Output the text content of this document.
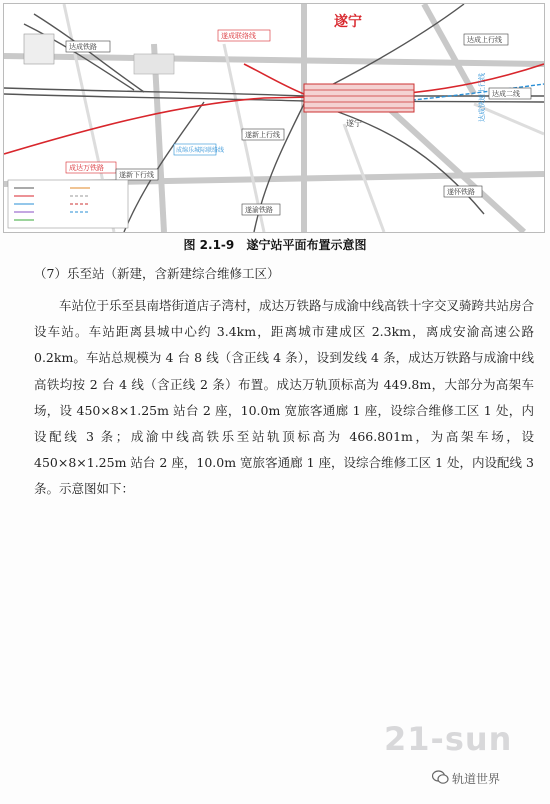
遂宁
达成铁路
遂成联络线	达成上行线
达成二线
达成快速上行线
成达万铁路
遂新下行线
遂新上行线
遂渝铁路
遂怀铁路
成绵乐城际联络线
遂宁
图 2.1-9 遂宁站平面布置示意图
（7）乐至站（新建，含新建综合维修工区）

车站位于乐至县南塔街道店子湾村，成达万铁路与成渝中线高铁十字交叉骑跨共站房合设车站。车站距离县城中心约 3.4km，距离城市建成区 2.3km，离成安渝高速公路 0.2km。车站总规模为 4 台 8 线（含正线 4 条），设到发线 4 条，成达万铁路与成渝中线高铁均按 2 台 4 线（含正线 2 条）布置。成达万轨顶标高为 449.8m，大部分为高架车场，设 450×8×1.25m 站台 2 座，10.0m 宽旅客通廊 1 座，设综合维修工区 1 处，内设配线 3 条；成渝中线高铁乐至站轨顶标高为 466.801m，为高架车场，设 450×8×1.25m 站台 2 座，10.0m 宽旅客通廊 1 座，设综合维修工区 1 处，内设配线 3 条。示意图如下：

21-sun
轨道世界
